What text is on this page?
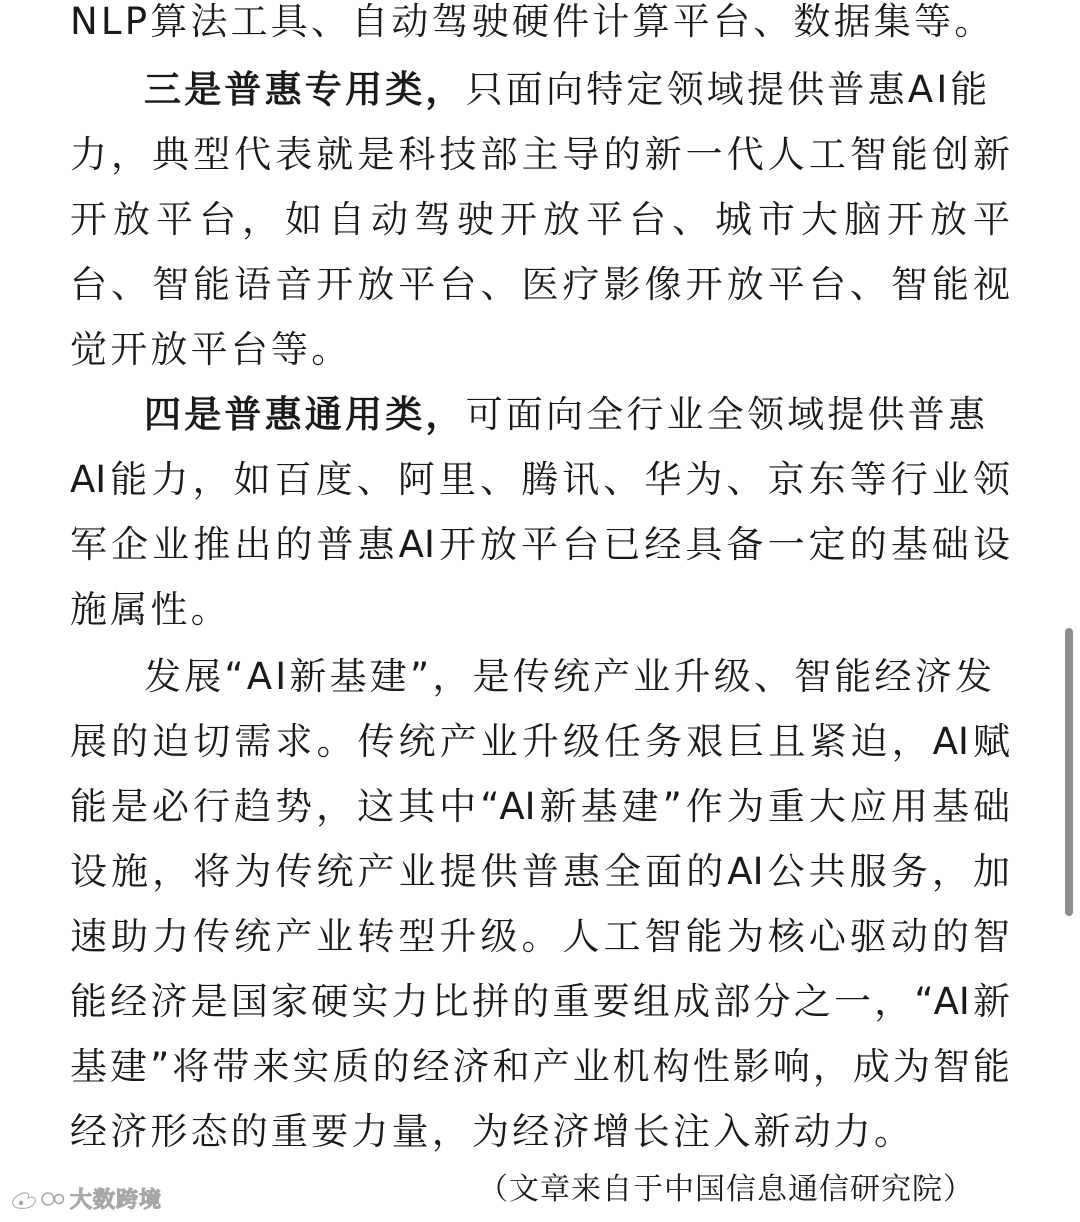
NLP算法工具、自动驾驶硬件计算平台、数据集等。
三是普惠专用类，只面向特定领域提供普惠AI能
力，典型代表就是科技部主导的新一代人工智能创新
开放平台，如自动驾驶开放平台、城市大脑开放平
台、智能语音开放平台、医疗影像开放平台、智能视
觉开放平台等。
四是普惠通用类，可面向全行业全领域提供普惠
AI能力，如百度、阿里、腾讯、华为、京东等行业领
军企业推出的普惠AI开放平台已经具备一定的基础设
施属性。
发展“AI新基建”，是传统产业升级、智能经济发
展的迫切需求。传统产业升级任务艰巨且紧迫，AI赋
能是必行趋势，这其中“AI新基建”作为重大应用基础
设施，将为传统产业提供普惠全面的AI公共服务，加
速助力传统产业转型升级。人工智能为核心驱动的智
能经济是国家硬实力比拼的重要组成部分之一，“AI新
基建”将带来实质的经济和产业机构性影响，成为智能
经济形态的重要力量，为经济增长注入新动力。
（文章来自于中国信息通信研究院）
大数跨境
